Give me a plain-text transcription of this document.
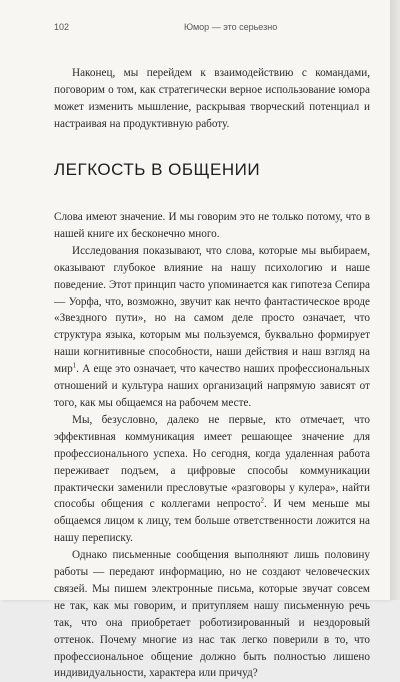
102	Юмор — это серьезно

Наконец, мы перейдем к взаимодействию с командами, поговорим о том, как стратегически верное использование юмора может изменить мышление, раскрывая творческий потенциал и настраивая на продуктивную работу.

ЛЕГКОСТЬ В ОБЩЕНИИ

Слова имеют значение. И мы говорим это не только потому, что в нашей книге их бесконечно много.

Исследования показывают, что слова, которые мы выбираем, оказывают глубокое влияние на нашу психологию и наше поведение. Этот принцип часто упоминается как гипотеза Сепира — Уорфа, что, возможно, звучит как нечто фантастическое вроде «Звездного пути», но на самом деле просто означает, что структура языка, которым мы пользуемся, буквально формирует наши когнитивные способности, наши действия и наш взгляд на мир$^1$. А еще это означает, что качество наших профессиональных отношений и культура наших организаций напрямую зависят от того, как мы общаемся на рабочем месте.

Мы, безусловно, далеко не первые, кто отмечает, что эффективная коммуникация имеет решающее значение для профессионального успеха. Но сегодня, когда удаленная работа переживает подъем, а цифровые способы коммуникации практически заменили пресловутые «разговоры у кулера», найти способы общения с коллегами непросто$^2$. И чем меньше мы общаемся лицом к лицу, тем больше ответственности ложится на нашу переписку.

Однако письменные сообщения выполняют лишь половину работы — передают информацию, но не создают человеческих связей. Мы пишем электронные письма, которые звучат совсем не так, как мы говорим, и притупляем нашу письменную речь так, что она приобретает роботизированный и нездоровый оттенок. Почему многие из нас так легко поверили в то, что профессиональное общение должно быть полностью лишено индивидуальности, характера или причуд?
